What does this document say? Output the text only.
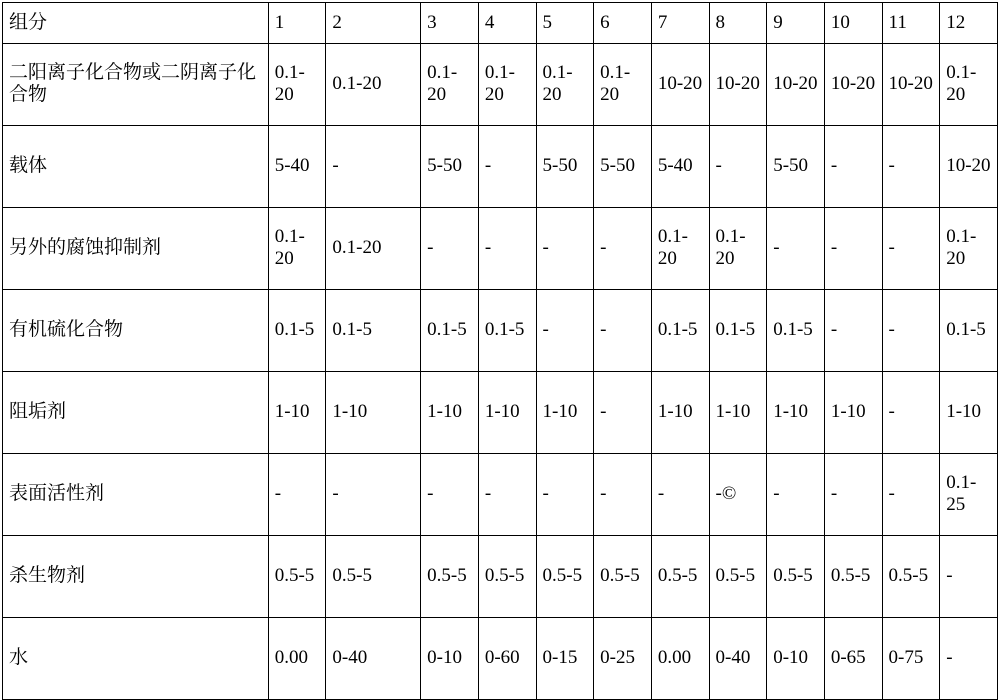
组分	1	2	3	4	5	6	7	8	9	10	11	12
二阳离子化合物或二阴离子化合物	0.1-20	0.1-20	0.1-20	0.1-20	0.1-20	0.1-20	10-20	10-20	10-20	10-20	10-20	0.1-20
载体	5-40	-	5-50	-	5-50	5-50	5-40	-	5-50	-	-	10-20
另外的腐蚀抑制剂	0.1-20	0.1-20	-	-	-	-	0.1-20	0.1-20	-	-	-	0.1-20
有机硫化合物	0.1-5	0.1-5	0.1-5	0.1-5	-	-	0.1-5	0.1-5	0.1-5	-	-	0.1-5
阻垢剂	1-10	1-10	1-10	1-10	1-10	-	1-10	1-10	1-10	1-10	-	1-10
表面活性剂	-	-	-	-	-	-	-	-©	-	-	-	0.1-25
杀生物剂	0.5-5	0.5-5	0.5-5	0.5-5	0.5-5	0.5-5	0.5-5	0.5-5	0.5-5	0.5-5	0.5-5	-
水	0.00	0-40	0-10	0-60	0-15	0-25	0.00	0-40	0-10	0-65	0-75	-
